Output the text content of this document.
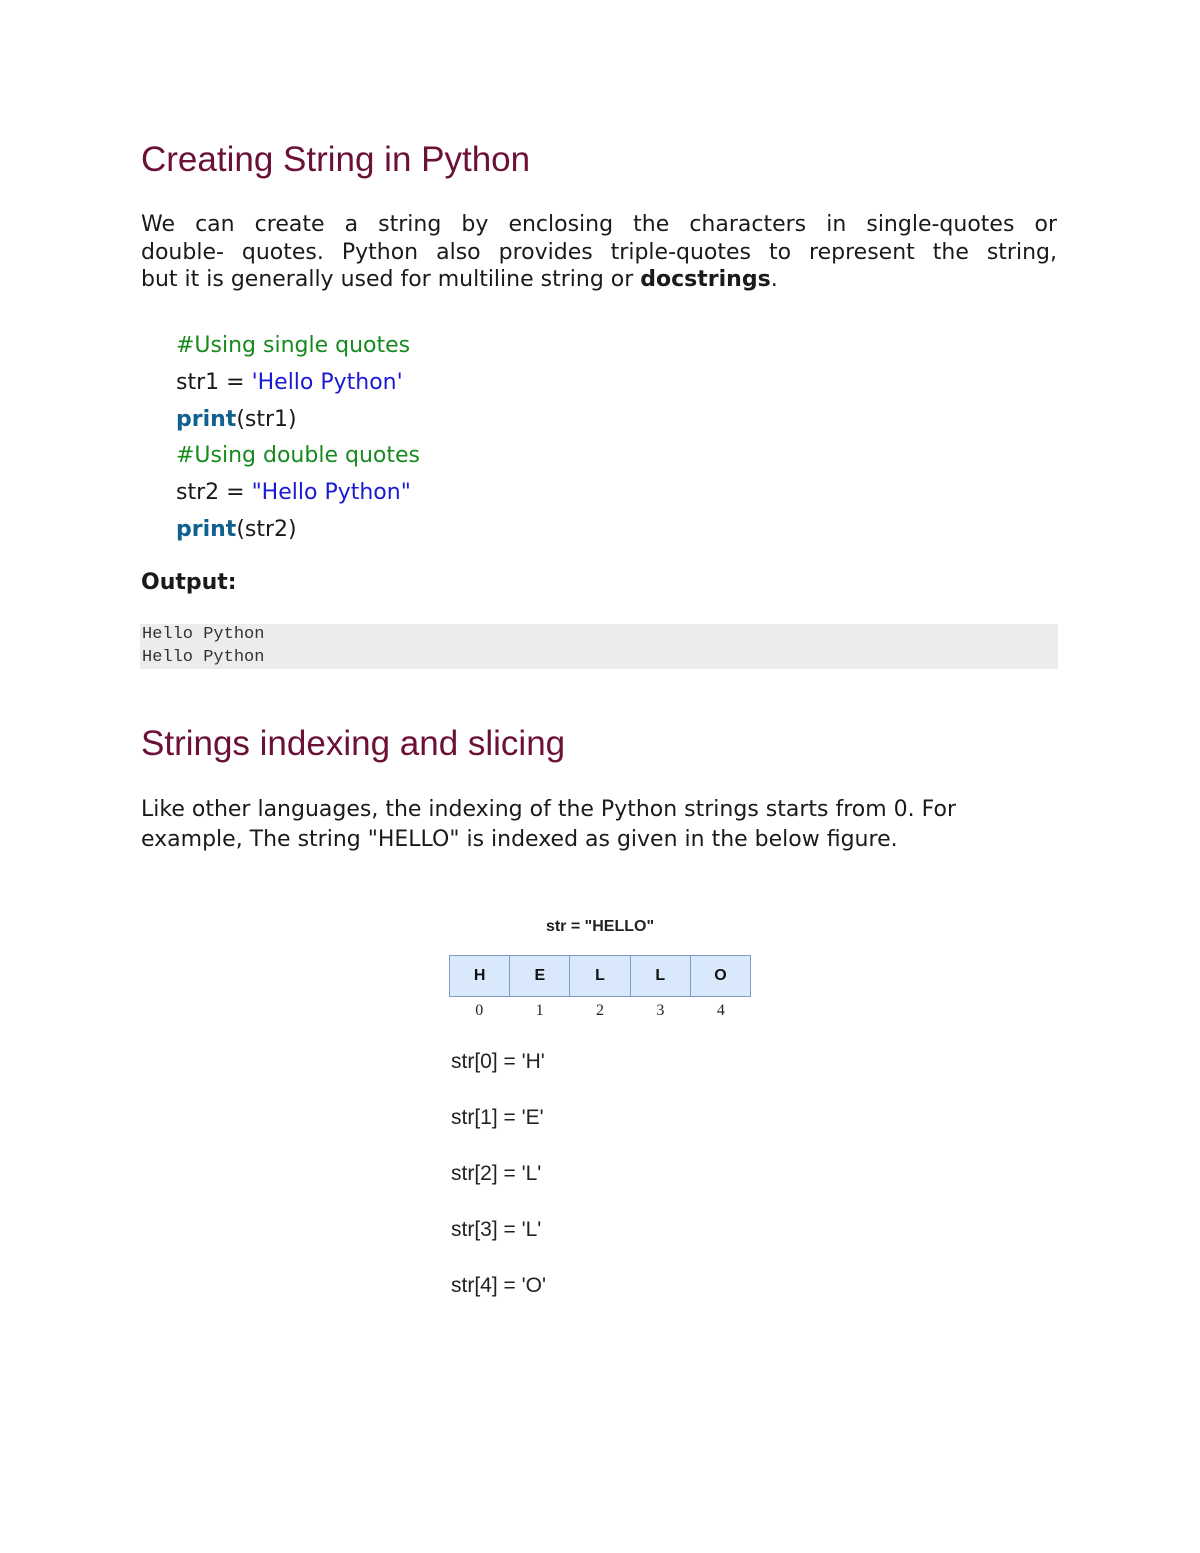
Creating String in Python
We can create a string by enclosing the characters in single-quotes or
double- quotes. Python also provides triple-quotes to represent the string,
but it is generally used for multiline string or docstrings.
#Using single quotes
str1 = 'Hello Python'
print(str1)
#Using double quotes
str2 = "Hello Python"
print(str2)

Output:

Hello Python
Hello Python
Strings indexing and slicing
Like other languages, the indexing of the Python strings starts from 0. For
example, The string "HELLO" is indexed as given in the below figure.
str = "HELLO"
H	E	L	L	O
0	1	2	3	4
str[0] = 'H'
str[1] = 'E'
str[2] = 'L'
str[3] = 'L'
str[4] = 'O'
